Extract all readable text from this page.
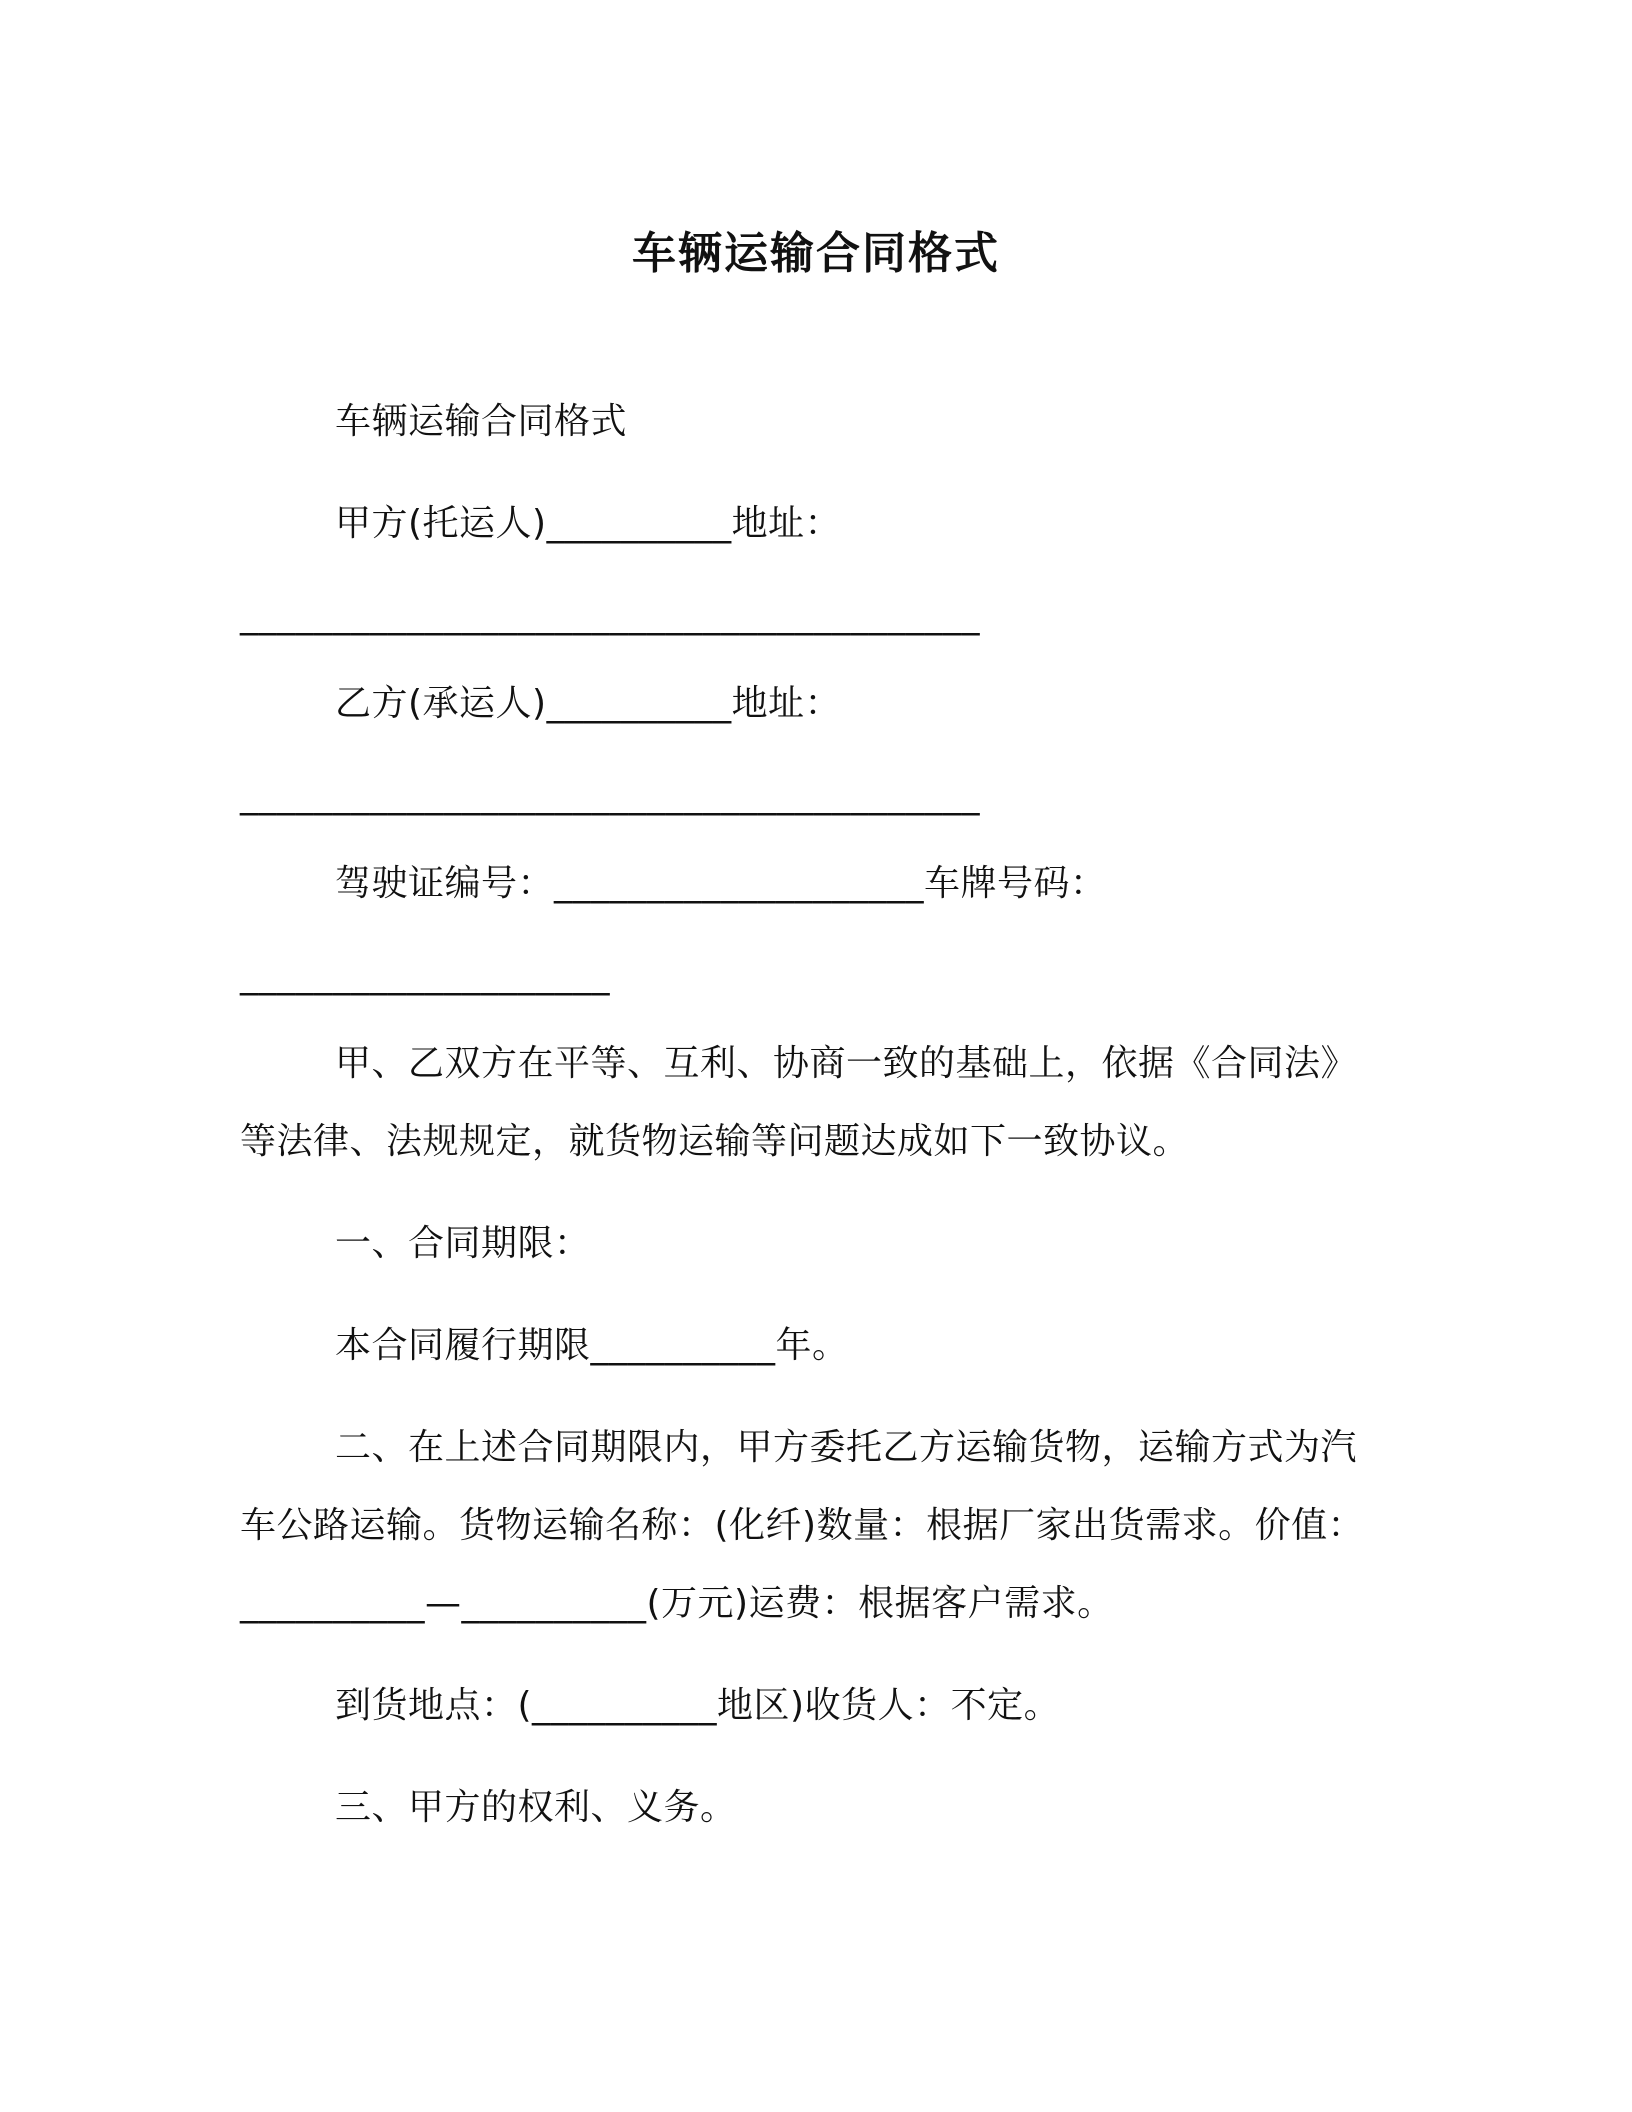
车辆运输合同格式
车辆运输合同格式
甲方(托运人)__________地址：
________________________________________
乙方(承运人)__________地址：
________________________________________
驾驶证编号：____________________车牌号码：
____________________
甲、乙双方在平等、互利、协商一致的基础上，依据《合同法》
等法律、法规规定，就货物运输等问题达成如下一致协议。
一、合同期限：
本合同履行期限__________年。
二、在上述合同期限内，甲方委托乙方运输货物，运输方式为汽
车公路运输。货物运输名称：(化纤)数量：根据厂家出货需求。价值：
__________—__________(万元)运费：根据客户需求。
到货地点：(__________地区)收货人：不定。
三、甲方的权利、义务。
